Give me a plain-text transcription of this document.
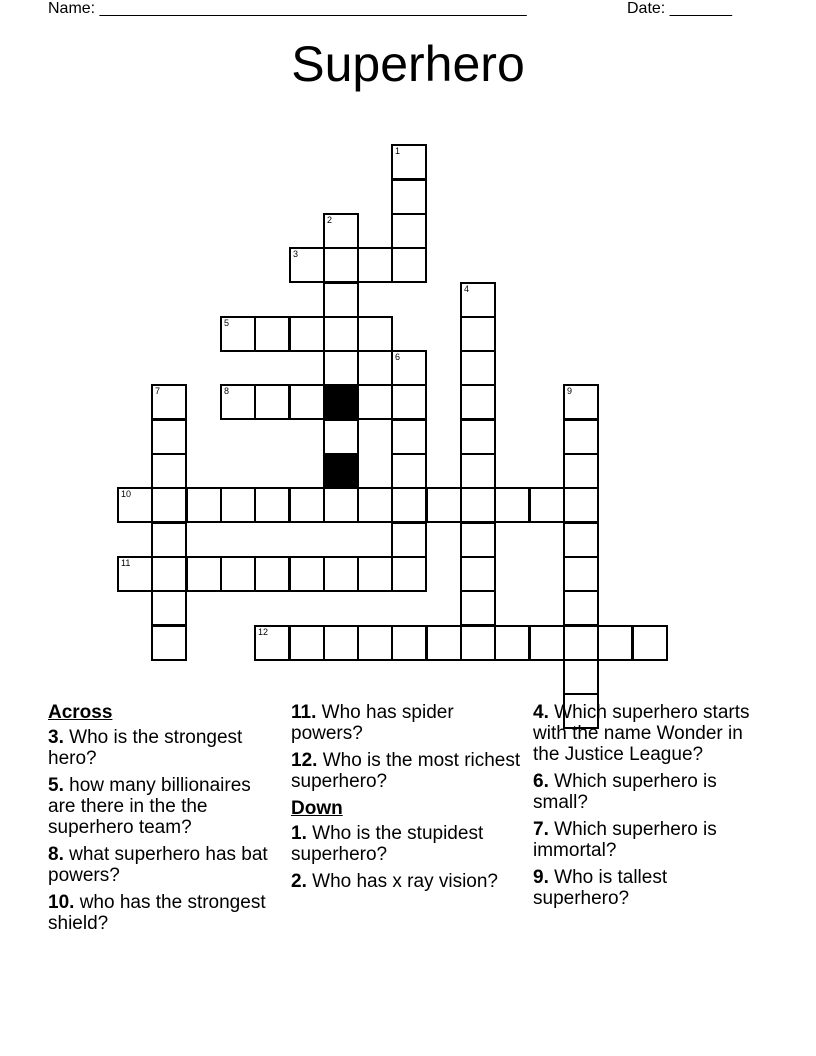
Name: ________________________________________________	Date: _______
Superhero
1
2
3
4
5
6
7	8	9
10
11
12
Across
3. Who is the strongest hero?
5. how many billionaires are there in the the superhero team?
8. what superhero has bat powers?
10. who has the strongest shield?
11. Who has spider powers?
12. Who is the most richest superhero?
Down
1. Who is the stupidest superhero?
2. Who has x ray vision?
4. Which superhero starts with the name Wonder in the Justice League?
6. Which superhero is small?
7. Which superhero is immortal?
9. Who is tallest superhero?
